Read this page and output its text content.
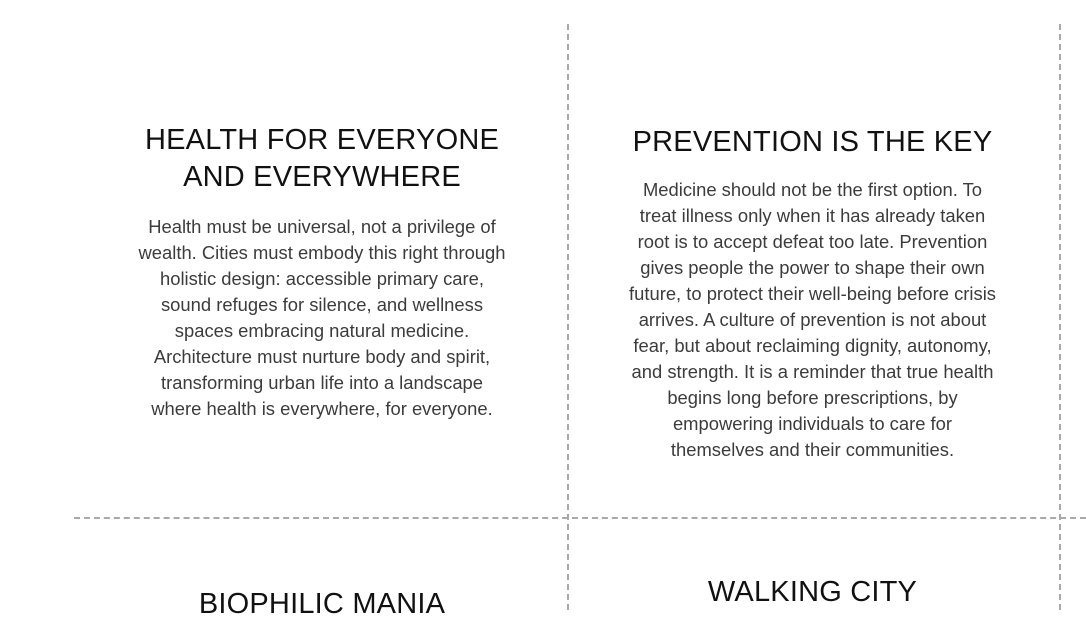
HEALTH FOR EVERYONE
AND EVERYWHERE

Health must be universal, not a privilege of
wealth. Cities must embody this right through
holistic design: accessible primary care,
sound refuges for silence, and wellness
spaces embracing natural medicine.
Architecture must nurture body and spirit,
transforming urban life into a landscape
where health is everywhere, for everyone.

PREVENTION IS THE KEY

Medicine should not be the first option. To
treat illness only when it has already taken
root is to accept defeat too late. Prevention
gives people the power to shape their own
future, to protect their well-being before crisis
arrives. A culture of prevention is not about
fear, but about reclaiming dignity, autonomy,
and strength. It is a reminder that true health
begins long before prescriptions, by
empowering individuals to care for
themselves and their communities.

BIOPHILIC MANIA	WALKING CITY
